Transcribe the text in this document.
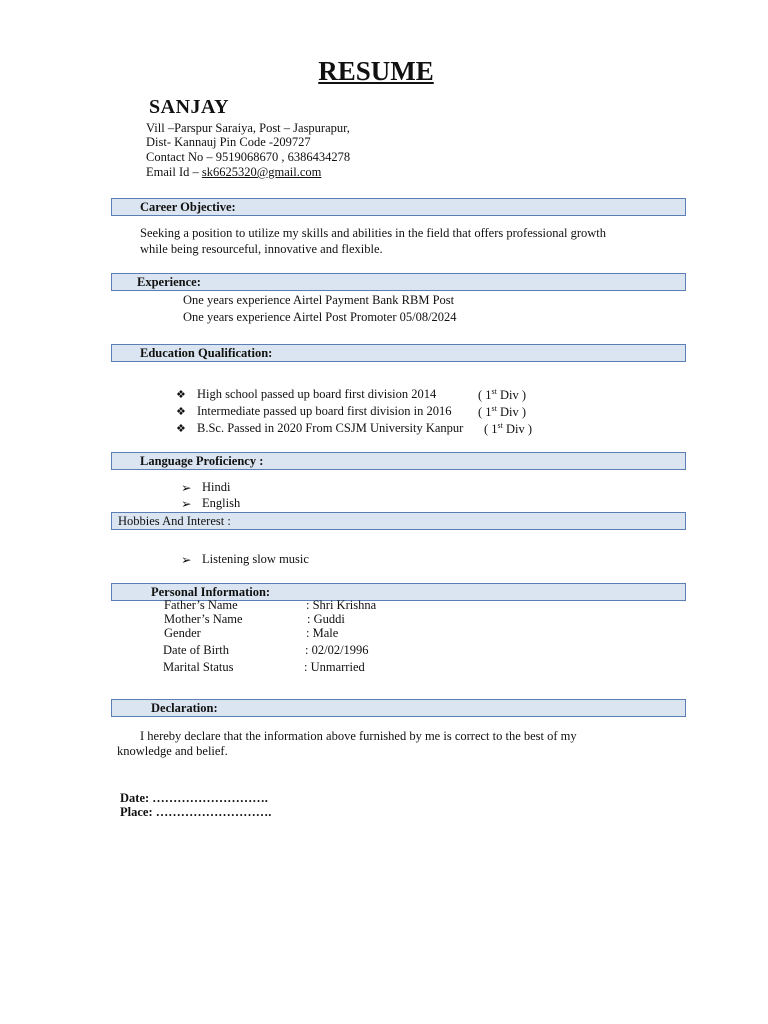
RESUME
SANJAY
Vill –Parspur Saraiya, Post – Jaspurapur,
Dist- Kannauj Pin Code -209727
Contact No – 9519068670 , 6386434278
Email Id – sk6625320@gmail.com
Career Objective:
Seeking a position to utilize my skills and abilities in the field that offers professional growth
while being resourceful, innovative and flexible.
Experience:
One years experience Airtel Payment Bank RBM Post
One years experience Airtel Post Promoter 05/08/2024
Education Qualification:
❖ High school passed up board first division 2014	( 1st Div )
❖ Intermediate passed up board first division in 2016 ( 1st Div )
❖ B.Sc. Passed in 2020 From CSJM University Kanpur ( 1st Div )
Language Proficiency :
➢ Hindi
➢ English
Hobbies And Interest :
➢ Listening slow music
Personal Information:
Father’s Name	: Shri Krishna
Mother’s Name	: Guddi
Gender	: Male
Date of Birth	: 02/02/1996
Marital Status	: Unmarried
Declaration:
I hereby declare that the information above furnished by me is correct to the best of my
knowledge and belief.
Date: ……………………….
Place: ……………………….
